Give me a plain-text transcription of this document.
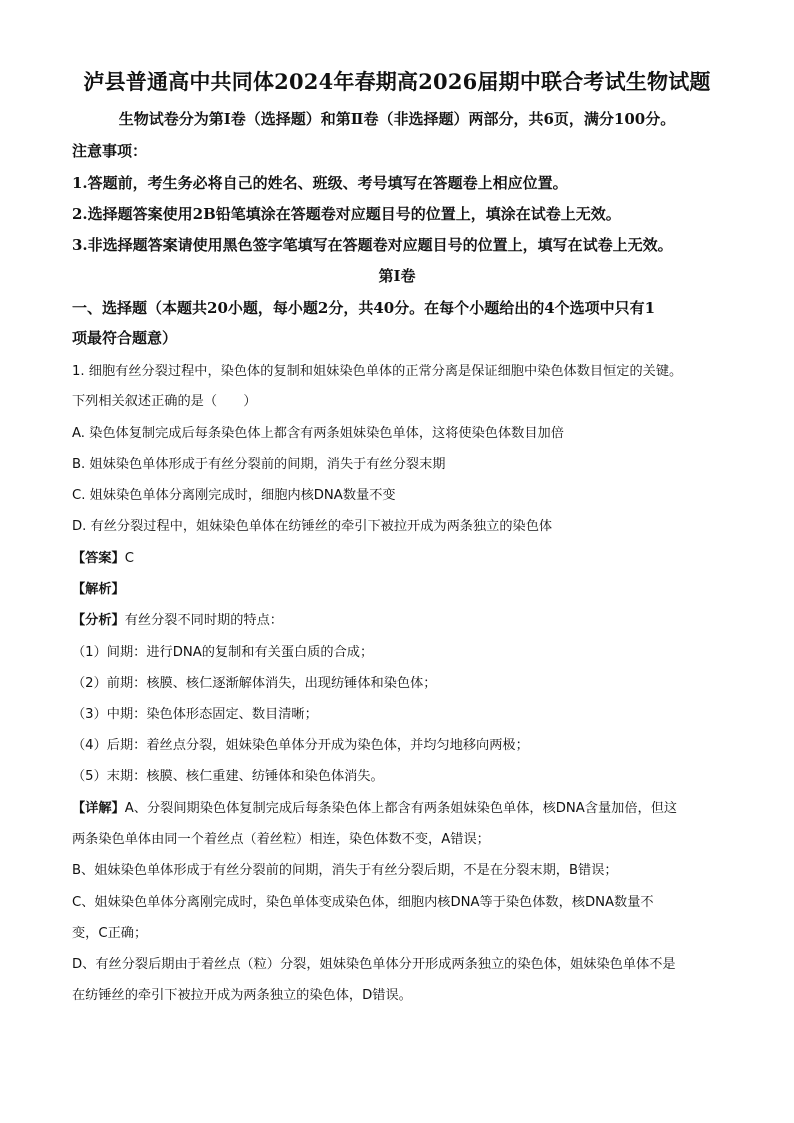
泸县普通高中共同体2024年春期高2026届期中联合考试生物试题
生物试卷分为第Ⅰ卷（选择题）和第Ⅱ卷（非选择题）两部分，共6页，满分100分。
注意事项：
1.答题前，考生务必将自己的姓名、班级、考号填写在答题卷上相应位置。
2.选择题答案使用2B铅笔填涂在答题卷对应题目号的位置上，填涂在试卷上无效。
3.非选择题答案请使用黑色签字笔填写在答题卷对应题目号的位置上，填写在试卷上无效。
第Ⅰ卷
一、选择题（本题共20小题，每小题2分，共40分。在每个小题给出的4个选项中只有1
项最符合题意）
1. 细胞有丝分裂过程中，染色体的复制和姐妹染色单体的正常分离是保证细胞中染色体数目恒定的关键。
下列相关叙述正确的是（　　）
A. 染色体复制完成后每条染色体上都含有两条姐妹染色单体，这将使染色体数目加倍
B. 姐妹染色单体形成于有丝分裂前的间期，消失于有丝分裂末期
C. 姐妹染色单体分离刚完成时，细胞内核DNA数量不变
D. 有丝分裂过程中，姐妹染色单体在纺锤丝的牵引下被拉开成为两条独立的染色体
【答案】C
【解析】
【分析】有丝分裂不同时期的特点：
（1）间期：进行DNA的复制和有关蛋白质的合成；
（2）前期：核膜、核仁逐渐解体消失，出现纺锤体和染色体；
（3）中期：染色体形态固定、数目清晰；
（4）后期：着丝点分裂，姐妹染色单体分开成为染色体，并均匀地移向两极；
（5）末期：核膜、核仁重建、纺锤体和染色体消失。
【详解】A、分裂间期染色体复制完成后每条染色体上都含有两条姐妹染色单体，核DNA含量加倍，但这
两条染色单体由同一个着丝点（着丝粒）相连，染色体数不变，A错误；
B、姐妹染色单体形成于有丝分裂前的间期，消失于有丝分裂后期，不是在分裂末期，B错误；
C、姐妹染色单体分离刚完成时，染色单体变成染色体，细胞内核DNA等于染色体数，核DNA数量不
变，C正确；
D、有丝分裂后期由于着丝点（粒）分裂，姐妹染色单体分开形成两条独立的染色体，姐妹染色单体不是
在纺锤丝的牵引下被拉开成为两条独立的染色体，D错误。
